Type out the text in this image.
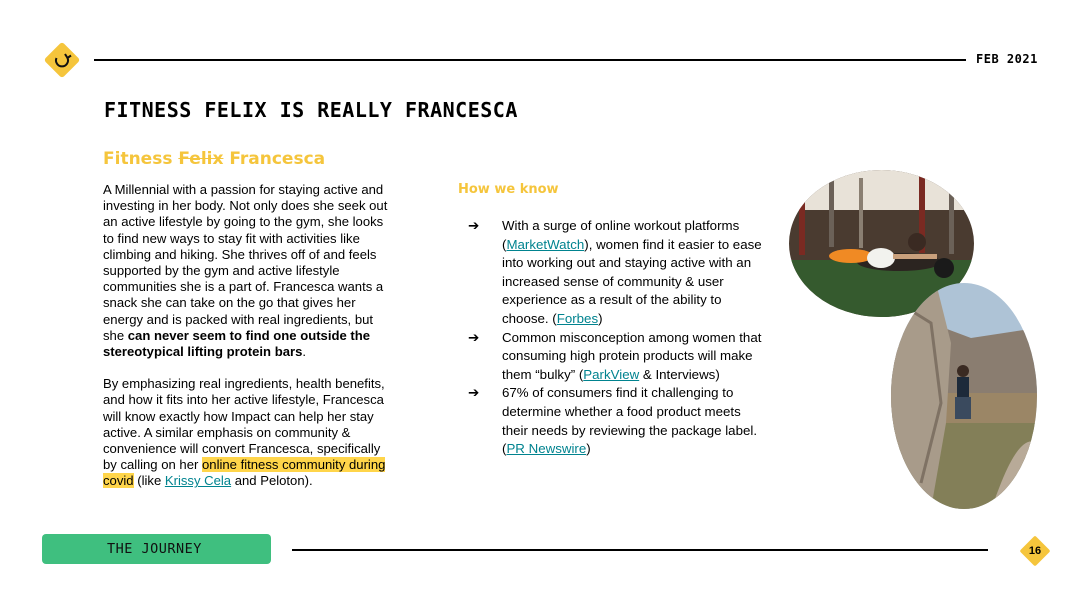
FEB 2021
FITNESS FELIX IS REALLY FRANCESCA
Fitness Felix Francesca

A Millennial with a passion for staying active and investing in her body. Not only does she seek out an active lifestyle by going to the gym, she looks to find new ways to stay fit with activities like climbing and hiking. She thrives off of and feels supported by the gym and active lifestyle communities she is a part of. Francesca wants a snack she can take on the go that gives her energy and is packed with real ingredients, but she can never seem to find one outside the stereotypical lifting protein bars.

By emphasizing real ingredients, health benefits, and how it fits into her active lifestyle, Francesca will know exactly how Impact can help her stay active. A similar emphasis on community & convenience will convert Francesca, specifically by calling on her online fitness community during covid (like Krissy Cela and Peloton).

How we know
➔ With a surge of online workout platforms (MarketWatch), women find it easier to ease into working out and staying active with an increased sense of community & user experience as a result of the ability to choose. (Forbes)
➔ Common misconception among women that consuming high protein products will make them “bulky” (ParkView & Interviews)
➔ 67% of consumers find it challenging to determine whether a food product meets their needs by reviewing the package label. (PR Newswire)
THE JOURNEY	16
